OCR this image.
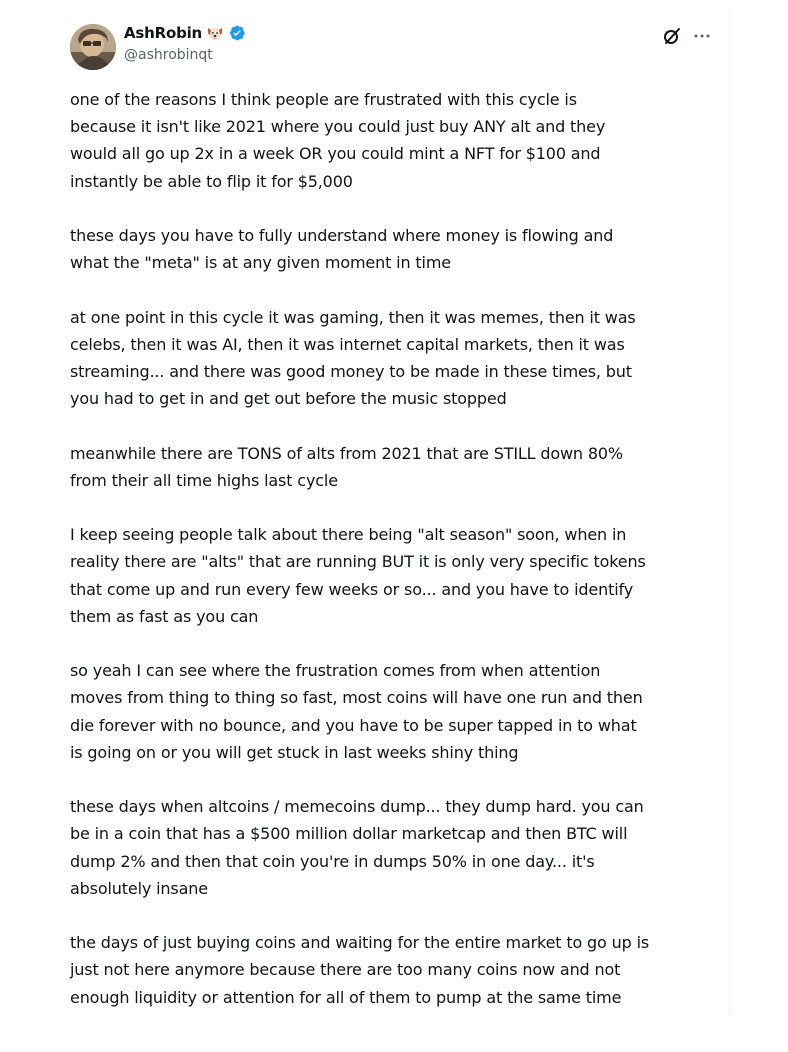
AshRobin
@ashrobinqt

one of the reasons I think people are frustrated with this cycle is
because it isn't like 2021 where you could just buy ANY alt and they
would all go up 2x in a week OR you could mint a NFT for $100 and
instantly be able to flip it for $5,000

these days you have to fully understand where money is flowing and
what the "meta" is at any given moment in time

at one point in this cycle it was gaming, then it was memes, then it was
celebs, then it was AI, then it was internet capital markets, then it was
streaming... and there was good money to be made in these times, but
you had to get in and get out before the music stopped

meanwhile there are TONS of alts from 2021 that are STILL down 80%
from their all time highs last cycle

I keep seeing people talk about there being "alt season" soon, when in
reality there are "alts" that are running BUT it is only very specific tokens
that come up and run every few weeks or so... and you have to identify
them as fast as you can

so yeah I can see where the frustration comes from when attention
moves from thing to thing so fast, most coins will have one run and then
die forever with no bounce, and you have to be super tapped in to what
is going on or you will get stuck in last weeks shiny thing

these days when altcoins / memecoins dump... they dump hard. you can
be in a coin that has a $500 million dollar marketcap and then BTC will
dump 2% and then that coin you're in dumps 50% in one day... it's
absolutely insane

the days of just buying coins and waiting for the entire market to go up is
just not here anymore because there are too many coins now and not
enough liquidity or attention for all of them to pump at the same time
